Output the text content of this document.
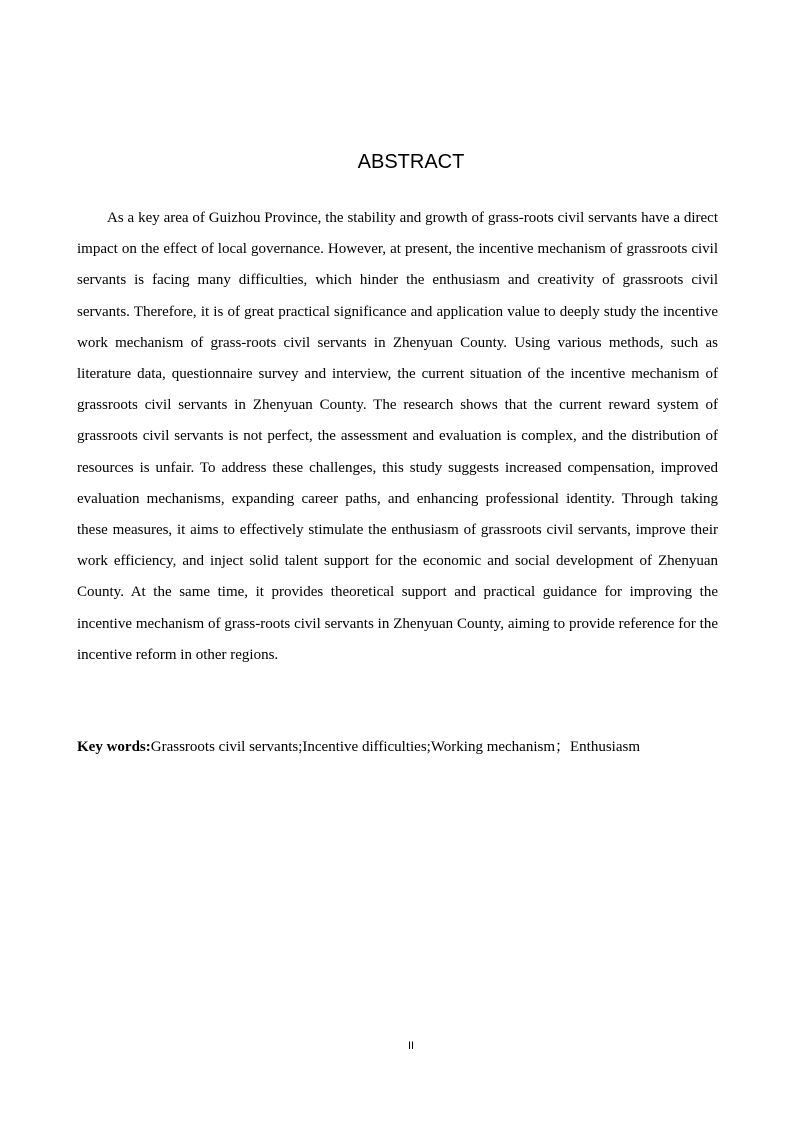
ABSTRACT

As a key area of Guizhou Province, the stability and growth of grass-roots civil servants have a direct impact on the effect of local governance. However, at present, the incentive mechanism of grassroots civil servants is facing many difficulties, which hinder the enthusiasm and creativity of grassroots civil servants. Therefore, it is of great practical significance and application value to deeply study the incentive work mechanism of grass-roots civil servants in Zhenyuan County. Using various methods, such as literature data, questionnaire survey and interview, the current situation of the incentive mechanism of grassroots civil servants in Zhenyuan County. The research shows that the current reward system of grassroots civil servants is not perfect, the assessment and evaluation is complex, and the distribution of resources is unfair. To address these challenges, this study suggests increased compensation, improved evaluation mechanisms, expanding career paths, and enhancing professional identity. Through taking these measures, it aims to effectively stimulate the enthusiasm of grassroots civil servants, improve their work efficiency, and inject solid talent support for the economic and social development of Zhenyuan County. At the same time, it provides theoretical support and practical guidance for improving the incentive mechanism of grass-roots civil servants in Zhenyuan County, aiming to provide reference for the incentive reform in other regions.

Key words:Grassroots civil servants;Incentive difficulties;Working mechanism；Enthusiasm

II
